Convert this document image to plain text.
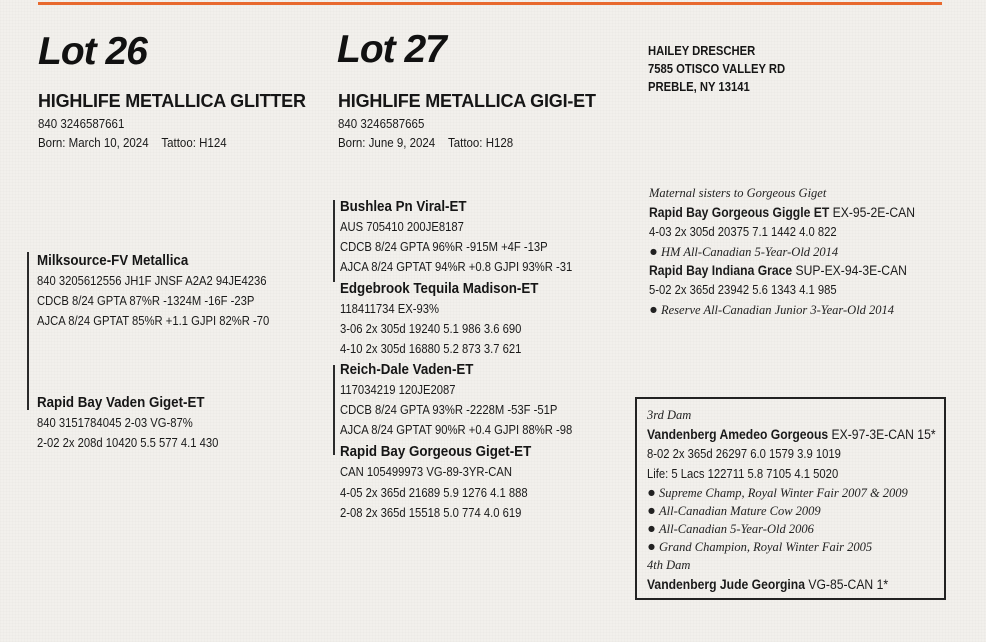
Lot 26
HIGHLIFE METALLICA GLITTER
840 3246587661
Born: March 10, 2024 Tattoo: H124
Milksource-FV Metallica
840 3205612556 JH1F JNSF A2A2 94JE4236
CDCB 8/24 GPTA 87%R -1324M -16F -23P
AJCA 8/24 GPTAT 85%R +1.1 GJPI 82%R -70
Rapid Bay Vaden Giget-ET
840 3151784045 2-03 VG-87%
2-02 2x 208d 10420 5.5 577 4.1 430
Lot 27
HIGHLIFE METALLICA GIGI-ET
840 3246587665
Born: June 9, 2024 Tattoo: H128
Bushlea Pn Viral-ET
AUS 705410 200JE8187
CDCB 8/24 GPTA 96%R -915M +4F -13P
AJCA 8/24 GPTAT 94%R +0.8 GJPI 93%R -31
Edgebrook Tequila Madison-ET
118411734 EX-93%
3-06 2x 305d 19240 5.1 986 3.6 690
4-10 2x 305d 16880 5.2 873 3.7 621
Reich-Dale Vaden-ET
117034219 120JE2087
CDCB 8/24 GPTA 93%R -2228M -53F -51P
AJCA 8/24 GPTAT 90%R +0.4 GJPI 88%R -98
Rapid Bay Gorgeous Giget-ET
CAN 105499973 VG-89-3YR-CAN
4-05 2x 365d 21689 5.9 1276 4.1 888
2-08 2x 365d 15518 5.0 774 4.0 619
HAILEY DRESCHER
7585 OTISCO VALLEY RD
PREBLE, NY 13141
Maternal sisters to Gorgeous Giget
Rapid Bay Gorgeous Giggle ET EX-95-2E-CAN
4-03 2x 305d 20375 7.1 1442 4.0 822
● HM All-Canadian 5-Year-Old 2014
Rapid Bay Indiana Grace SUP-EX-94-3E-CAN
5-02 2x 365d 23942 5.6 1343 4.1 985
● Reserve All-Canadian Junior 3-Year-Old 2014
3rd Dam
Vandenberg Amedeo Gorgeous EX-97-3E-CAN 15*
8-02 2x 365d 26297 6.0 1579 3.9 1019
Life: 5 Lacs 122711 5.8 7105 4.1 5020
● Supreme Champ, Royal Winter Fair 2007 & 2009
● All-Canadian Mature Cow 2009
● All-Canadian 5-Year-Old 2006
● Grand Champion, Royal Winter Fair 2005
4th Dam
Vandenberg Jude Georgina VG-85-CAN 1*
